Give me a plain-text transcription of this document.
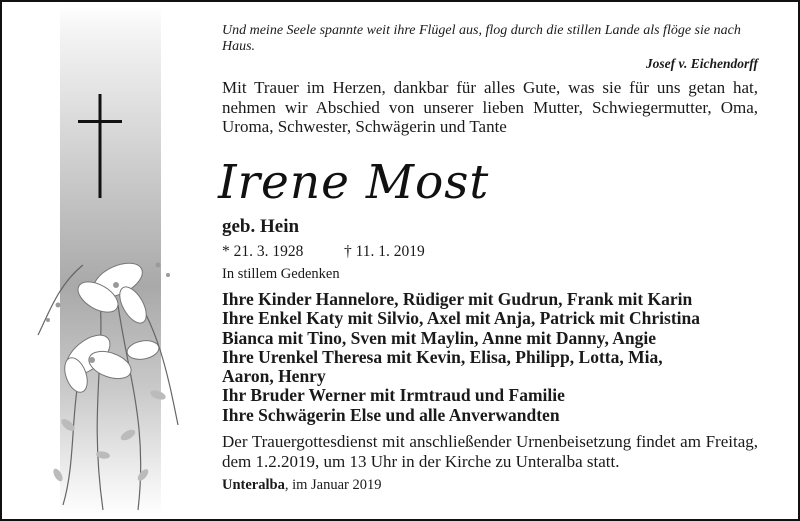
Und meine Seele spannte weit ihre Flügel aus, flog durch die stillen Lande als flöge sie nach Haus.
Josef v. Eichendorff
Mit Trauer im Herzen, dankbar für alles Gute, was sie für uns getan hat, nehmen wir Abschied von unserer lieben Mutter, Schwiegermutter, Oma, Uroma, Schwester, Schwägerin und Tante
Irene Most
geb. Hein
* 21. 3. 1928	† 11. 1. 2019
In stillem Gedenken
Ihre Kinder Hannelore, Rüdiger mit Gudrun, Frank mit Karin
Ihre Enkel Katy mit Silvio, Axel mit Anja, Patrick mit Christina
Bianca mit Tino, Sven mit Maylin, Anne mit Danny, Angie
Ihre Urenkel Theresa mit Kevin, Elisa, Philipp, Lotta, Mia,
Aaron, Henry
Ihr Bruder Werner mit Irmtraud und Familie
Ihre Schwägerin Else und alle Anverwandten
Der Trauergottesdienst mit anschließender Urnenbeisetzung findet am Freitag, dem 1.2.2019, um 13 Uhr in der Kirche zu Unteralba statt.
Unteralba, im Januar 2019
